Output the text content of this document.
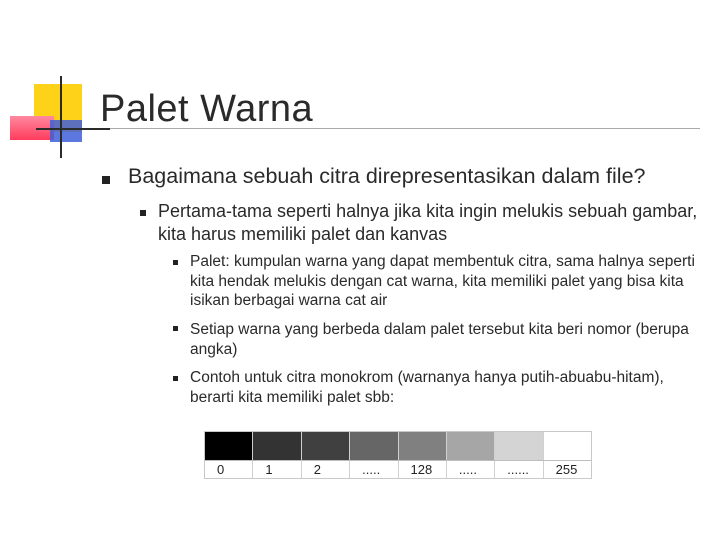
Palet Warna
Bagaimana sebuah citra direpresentasikan dalam file?
Pertama-tama seperti halnya jika kita ingin melukis sebuah gambar, kita harus memiliki palet dan kanvas
Palet: kumpulan warna yang dapat membentuk citra, sama halnya seperti kita hendak melukis dengan cat warna, kita memiliki palet yang bisa kita isikan berbagai warna cat air
Setiap warna yang berbeda dalam palet tersebut kita beri nomor (berupa angka)
Contoh untuk citra monokrom (warnanya hanya putih-abuabu-hitam), berarti kita memiliki palet sbb:
0	1	2	.....	128	.....	......	255
